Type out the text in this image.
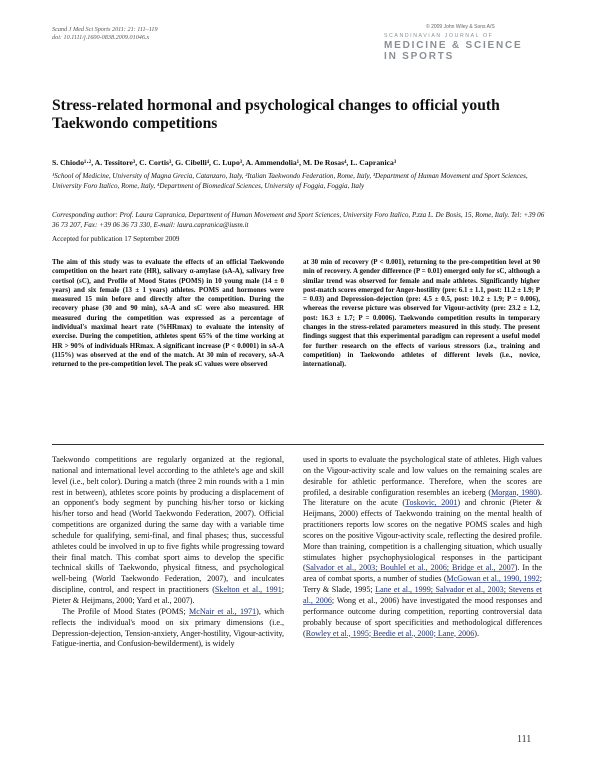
Scand J Med Sci Sports 2011: 21: 111–119
doi: 10.1111/j.1600-0838.2009.01046.x
© 2009 John Wiley & Sons A/S
SCANDINAVIAN JOURNAL OF
MEDICINE & SCIENCE
IN SPORTS
Stress-related hormonal and psychological changes to official youth Taekwondo competitions
S. Chiodo¹·², A. Tessitore³, C. Cortis³, G. Cibelli⁴, C. Lupo³, A. Ammendolia¹, M. De Rosas⁴, L. Capranica³
¹School of Medicine, University of Magna Grecia, Catanzaro, Italy, ²Italian Taekwondo Federation, Rome, Italy, ³Department of Human Movement and Sport Sciences, University Foro Italico, Rome, Italy, ⁴Department of Biomedical Sciences, University of Foggia, Foggia, Italy
Corresponding author: Prof. Laura Capranica, Department of Human Movement and Sport Sciences, University Foro Italico, P.zza L. De Bosis, 15, Rome, Italy. Tel: +39 06 36 73 207, Fax: +39 06 36 73 330, E-mail: laura.capranica@iusm.it
Accepted for publication 17 September 2009
The aim of this study was to evaluate the effects of an official Taekwondo competition on the heart rate (HR), salivary α-amylase (sA-A), salivary free cortisol (sC), and Profile of Mood States (POMS) in 10 young male (14 ± 0 years) and six female (13 ± 1 years) athletes. POMS and hormones were measured 15 min before and directly after the competition. During the recovery phase (30 and 90 min), sA-A and sC were also measured. HR measured during the competition was expressed as a percentage of individual's maximal heart rate (%HRmax) to evaluate the intensity of exercise. During the competition, athletes spent 65% of the time working at HR > 90% of individuals HRmax. A significant increase (P < 0.0001) in sA-A (115%) was observed at the end of the match. At 30 min of recovery, sA-A returned to the pre-competition level. The peak sC values were observed
at 30 min of recovery (P < 0.001), returning to the pre-competition level at 90 min of recovery. A gender difference (P = 0.01) emerged only for sC, although a similar trend was observed for female and male athletes. Significantly higher post-match scores emerged for Anger-hostility (pre: 6.1 ± 1.1, post: 11.2 ± 1.9; P = 0.03) and Depression-dejection (pre: 4.5 ± 0.5, post: 10.2 ± 1.9; P = 0.006), whereas the reverse picture was observed for Vigour-activity (pre: 23.2 ± 1.2, post: 16.3 ± 1.7; P = 0.0006). Taekwondo competition results in temporary changes in the stress-related parameters measured in this study. The present findings suggest that this experimental paradigm can represent a useful model for further research on the effects of various stressors (i.e., training and competition) in Taekwondo athletes of different levels (i.e., novice, international).

Taekwondo competitions are regularly organized at the regional, national and international level according to the athlete's age and skill level (i.e., belt color). During a match (three 2 min rounds with a 1 min rest in between), athletes score points by producing a displacement of an opponent's body segment by punching his/her torso or kicking his/her torso and head (World Taekwondo Federation, 2007). Official competitions are organized during the same day with a variable time schedule for qualifying, semi-final, and final phases; thus, successful athletes could be involved in up to five fights while progressing toward their final match. This combat sport aims to develop the specific technical skills of Taekwondo, physical fitness, and psychological well-being (World Taekwondo Federation, 2007), and inculcates discipline, control, and respect in practitioners (Skelton et al., 1991; Pieter & Heijmans, 2000; Yard et al., 2007).

The Profile of Mood States (POMS; McNair et al., 1971), which reflects the individual's mood on six primary dimensions (i.e., Depression-dejection, Tension-anxiety, Anger-hostility, Vigour-activity, Fatigue-inertia, and Confusion-bewilderment), is widely

used in sports to evaluate the psychological state of athletes. High values on the Vigour-activity scale and low values on the remaining scales are desirable for athletic performance. Therefore, when the scores are profiled, a desirable configuration resembles an iceberg (Morgan, 1980). The literature on the acute (Toskovic, 2001) and chronic (Pieter & Heijmans, 2000) effects of Taekwondo training on the mental health of practitioners reports low scores on the negative POMS scales and high scores on the positive Vigour-activity scale, reflecting the desired profile. More than training, competition is a challenging situation, which usually stimulates higher psychophysiological responses in the participant (Salvador et al., 2003; Bouhlel et al., 2006; Bridge et al., 2007). In the area of combat sports, a number of studies (McGowan et al., 1990, 1992; Terry & Slade, 1995; Lane et al., 1999; Salvador et al., 2003; Stevens et al., 2006; Wong et al., 2006) have investigated the mood responses and performance outcome during competition, reporting controversial data probably because of sport specificities and methodological differences (Rowley et al., 1995; Beedie et al., 2000; Lane, 2006).

111
